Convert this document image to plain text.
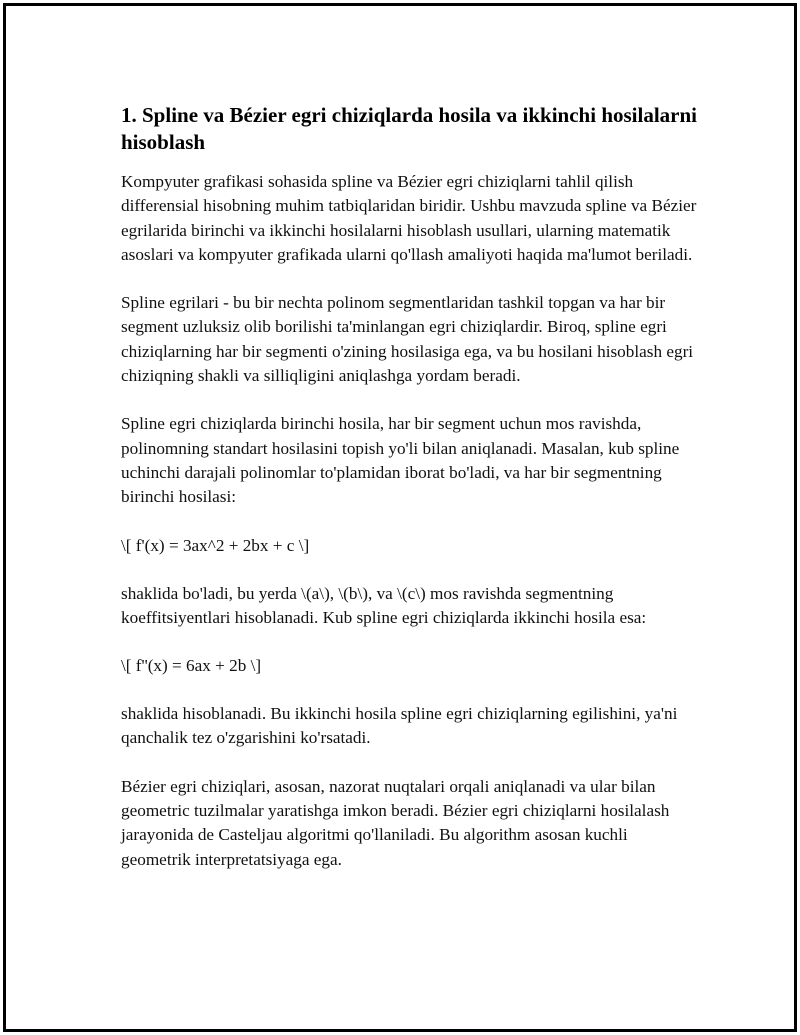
1. Spline va Bézier egri chiziqlarda hosila va ikkinchi hosilalarni hisoblash

Kompyuter grafikasi sohasida spline va Bézier egri chiziqlarni tahlil qilish differensial hisobning muhim tatbiqlaridan biridir. Ushbu mavzuda spline va Bézier egrilarida birinchi va ikkinchi hosilalarni hisoblash usullari, ularning matematik asoslari va kompyuter grafikada ularni qo'llash amaliyoti haqida ma'lumot beriladi.

Spline egrilari - bu bir nechta polinom segmentlaridan tashkil topgan va har bir segment uzluksiz olib borilishi ta'minlangan egri chiziqlardir. Biroq, spline egri chiziqlarning har bir segmenti o'zining hosilasiga ega, va bu hosilani hisoblash egri chiziqning shakli va silliqligini aniqlashga yordam beradi.

Spline egri chiziqlarda birinchi hosila, har bir segment uchun mos ravishda, polinomning standart hosilasini topish yo'li bilan aniqlanadi. Masalan, kub spline uchinchi darajali polinomlar to'plamidan iborat bo'ladi, va har bir segmentning birinchi hosilasi:

\[ f'(x) = 3ax^2 + 2bx + c \]

shaklida bo'ladi, bu yerda \(a\), \(b\), va \(c\) mos ravishda segmentning koeffitsiyentlari hisoblanadi. Kub spline egri chiziqlarda ikkinchi hosila esa:

\[ f''(x) = 6ax + 2b \]

shaklida hisoblanadi. Bu ikkinchi hosila spline egri chiziqlarning egilishini, ya'ni qanchalik tez o'zgarishini ko'rsatadi.

Bézier egri chiziqlari, asosan, nazorat nuqtalari orqali aniqlanadi va ular bilan geometric tuzilmalar yaratishga imkon beradi. Bézier egri chiziqlarni hosilalash jarayonida de Casteljau algoritmi qo'llaniladi. Bu algorithm asosan kuchli geometrik interpretatsiyaga ega.
